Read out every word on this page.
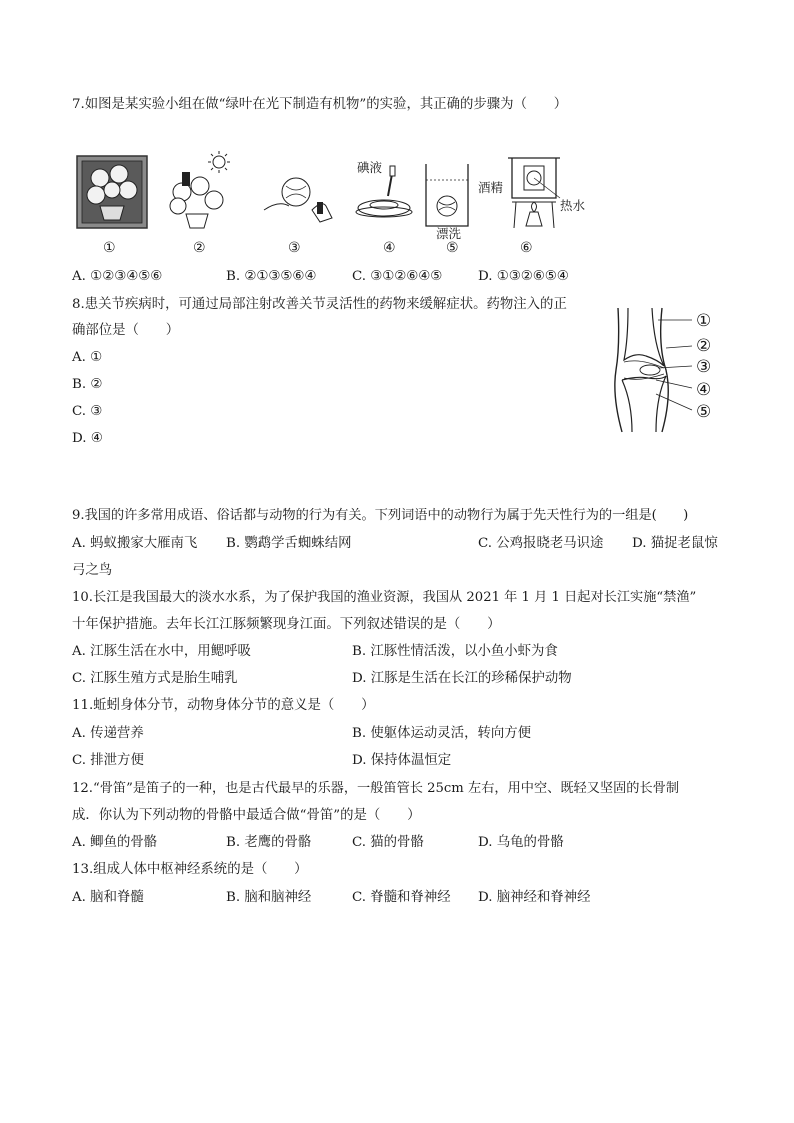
7.如图是某实验小组在做“绿叶在光下制造有机物”的实验，其正确的步骤为（　　）
碘液
漂洗
酒精
热水
①	②	③	④	⑤	⑥
A. ①②③④⑤⑥	B. ②①③⑤⑥④	C. ③①②⑥④⑤	D. ①③②⑥⑤④
8.患关节疾病时，可通过局部注射改善关节灵活性的药物来缓解症状。药物注入的正
确部位是（　　）
A. ①
B. ②
C. ③
D. ④
①
②
③
④
⑤
9.我国的许多常用成语、俗话都与动物的行为有关。下列词语中的动物行为属于先天性行为的一组是(　　)
A. 蚂蚁搬家大雁南飞 B. 鹦鹉学舌蜘蛛结网	C. 公鸡报晓老马识途 D. 猫捉老鼠惊
弓之鸟
10.长江是我国最大的淡水水系，为了保护我国的渔业资源，我国从 2021 年 1 月 1 日起对长江实施“禁渔”
十年保护措施。去年长江江豚频繁现身江面。下列叙述错误的是（　　）
A. 江豚生活在水中，用鳃呼吸	B. 江豚性情活泼，以小鱼小虾为食
C. 江豚生殖方式是胎生哺乳	D. 江豚是生活在长江的珍稀保护动物
11.蚯蚓身体分节，动物身体分节的意义是（　　）
A. 传递营养	B. 使躯体运动灵活，转向方便
C. 排泄方便	D. 保持体温恒定
12.“骨笛”是笛子的一种，也是古代最早的乐器，一般笛管长 25cm 左右，用中空、既轻又坚固的长骨制
成．你认为下列动物的骨骼中最适合做“骨笛”的是（　　）
A. 鲫鱼的骨骼	B. 老鹰的骨骼	C. 猫的骨骼	D. 乌龟的骨骼
13.组成人体中枢神经系统的是（　　）
A. 脑和脊髓	B. 脑和脑神经	C. 脊髓和脊神经 D. 脑神经和脊神经
